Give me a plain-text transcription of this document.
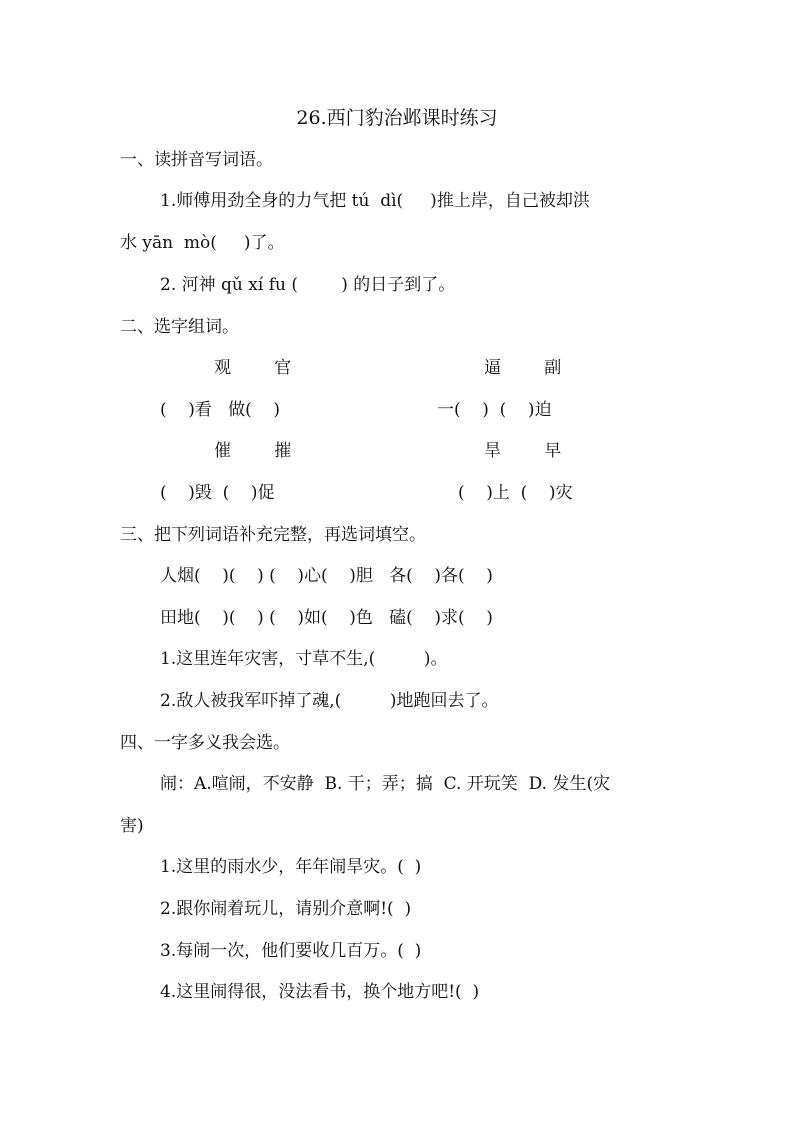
26.西门豹治邺课时练习
一、读拼音写词语。
1.师傅用劲全身的力气把 tú  dì(     )推上岸，自己被却洪
水 yān  mò(     )了。
2. 河神 qǔ xí fu (        ) 的日子到了。
二、选字组词。
观        官	逼        副
(    )看   做(    )	一(    )  (    )迫
催        摧	旱        早
(    )毁  (    )促	(    )上  (    )灾
三、把下列词语补充完整，再选词填空。
人烟(    )(    ) (    )心(    )胆   各(    )各(    )
田地(    )(    ) (    )如(    )色   磕(    )求(    )
1.这里连年灾害，寸草不生,(         )。
2.敌人被我军吓掉了魂,(         )地跑回去了。
四、一字多义我会选。
闹：A.喧闹，不安静  B. 干；弄；搞  C. 开玩笑  D. 发生(灾
害)
1.这里的雨水少，年年闹旱灾。(  )
2.跟你闹着玩儿，请别介意啊!(  )
3.每闹一次，他们要收几百万。(  )
4.这里闹得很，没法看书，换个地方吧!(  )
